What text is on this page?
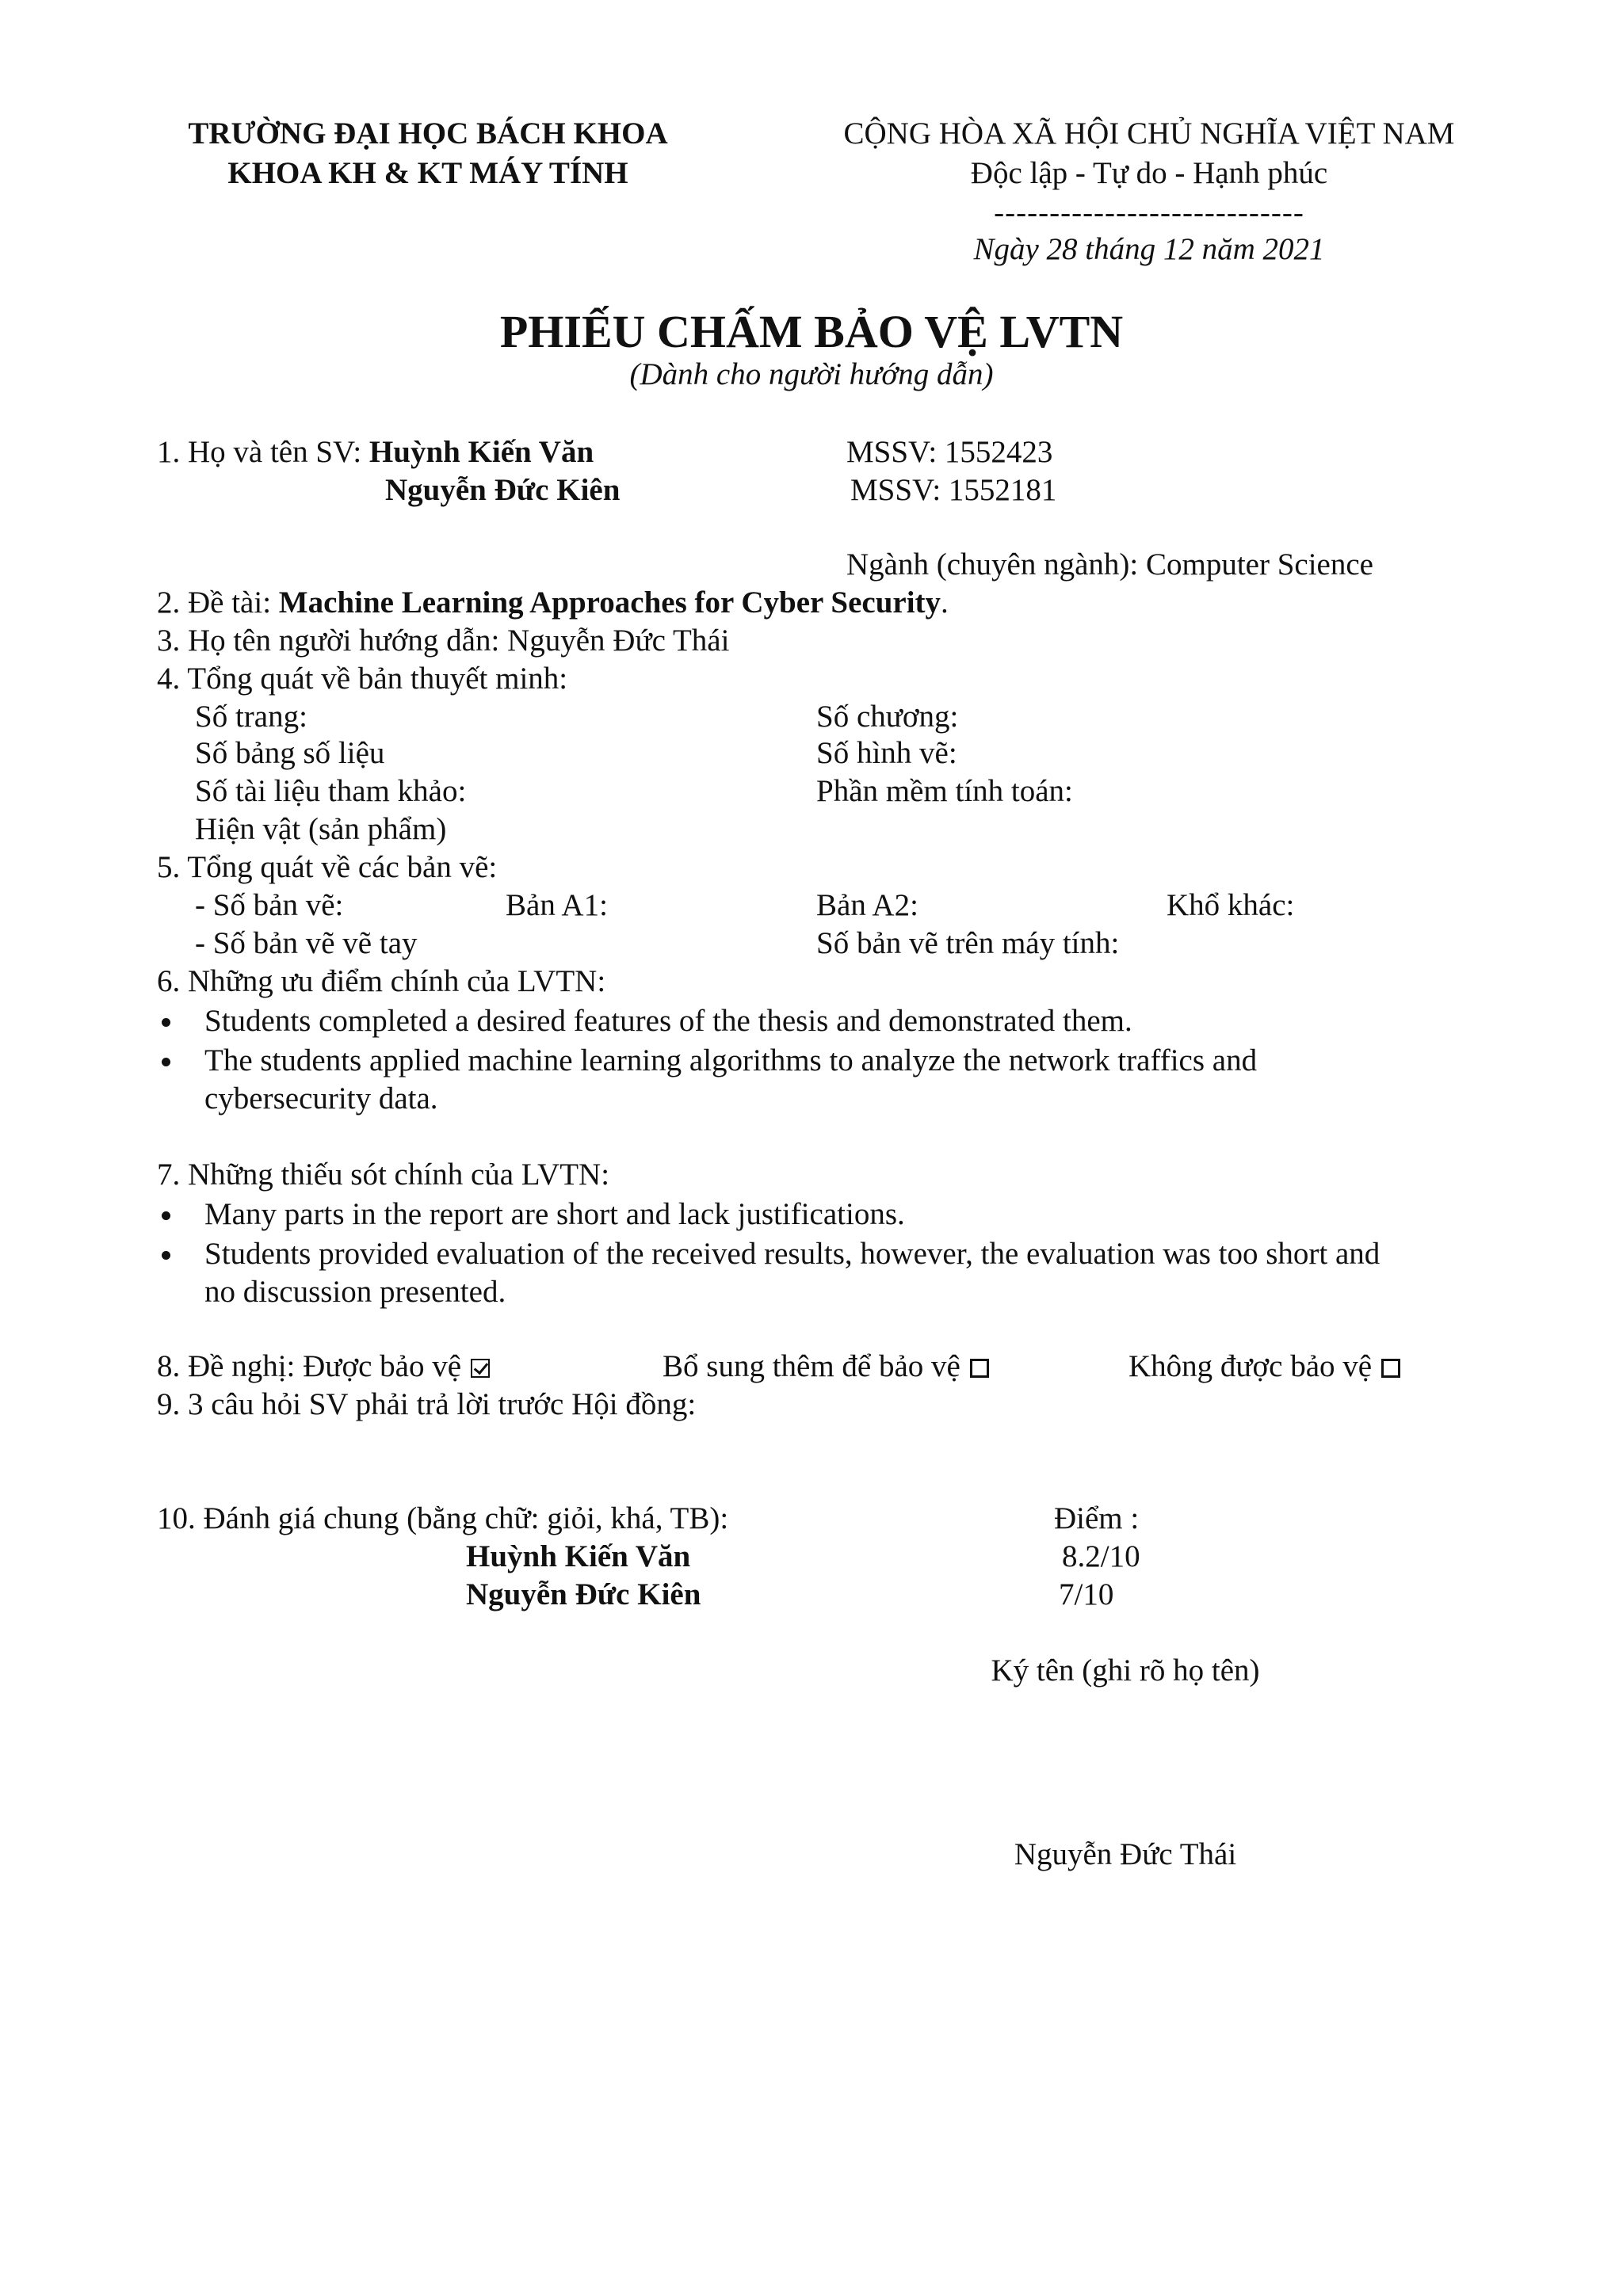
TRƯỜNG ĐẠI HỌC BÁCH KHOA
KHOA KH & KT MÁY TÍNH
CỘNG HÒA XÃ HỘI CHỦ NGHĨA VIỆT NAM
Độc lập - Tự do - Hạnh phúc
----------------------------
Ngày 28 tháng 12 năm 2021
PHIẾU CHẤM BẢO VỆ LVTN
(Dành cho người hướng dẫn)
1. Họ và tên SV: Huỳnh Kiến Văn	MSSV: 1552423
Nguyễn Đức Kiên	MSSV: 1552181
Ngành (chuyên ngành): Computer Science
2. Đề tài: Machine Learning Approaches for Cyber Security.
3. Họ tên người hướng dẫn: Nguyễn Đức Thái
4. Tổng quát về bản thuyết minh:
Số trang:	Số chương:
Số bảng số liệu	Số hình vẽ:
Số tài liệu tham khảo:	Phần mềm tính toán:
Hiện vật (sản phẩm)
5. Tổng quát về các bản vẽ:
- Số bản vẽ:	Bản A1:	Bản A2:	Khổ khác:
- Số bản vẽ vẽ tay	Số bản vẽ trên máy tính:
6. Những ưu điểm chính của LVTN:
Students completed a desired features of the thesis and demonstrated them.
The students applied machine learning algorithms to analyze the network traffics and
cybersecurity data.
7. Những thiếu sót chính của LVTN:
Many parts in the report are short and lack justifications.
Students provided evaluation of the received results, however, the evaluation was too short and
no discussion presented.
8. Đề nghị: Được bảo vệ	Bổ sung thêm để bảo vệ	Không được bảo vệ
9. 3 câu hỏi SV phải trả lời trước Hội đồng:
10. Đánh giá chung (bằng chữ: giỏi, khá, TB):	Điểm :
Huỳnh Kiến Văn	8.2/10
Nguyễn Đức Kiên	7/10
Ký tên (ghi rõ họ tên)
Nguyễn Đức Thái
